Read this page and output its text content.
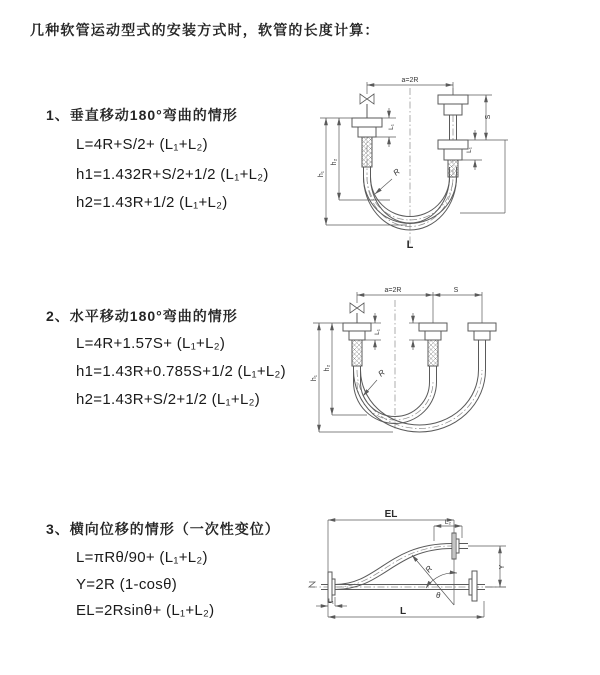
几种软管运动型式的安装方式时，软管的长度计算：
1、垂直移动180°弯曲的情形
L=4R+S/2+ (L₁+L₂)
h1=1.432R+S/2+1/2 (L₁+L₂)
h2=1.43R+1/2 (L₁+L₂)
2、水平移动180°弯曲的情形
L=4R+1.57S+ (L₁+L₂)
h1=1.43R+0.785S+1/2 (L₁+L₂)
h2=1.43R+S/2+1/2 (L₁+L₂)
3、横向位移的情形（一次性变位）
L=πRθ/90+ (L₁+L₂)
Y=2R (1-cosθ)
EL=2Rsinθ+ (L₁+L₂)
a=2R
h₁
h₂
L₁
S
L₁
R
L
a=2R	S
h₁
h₂
L₁
R
EL
L₂
R	Y
θ
L₁
L
